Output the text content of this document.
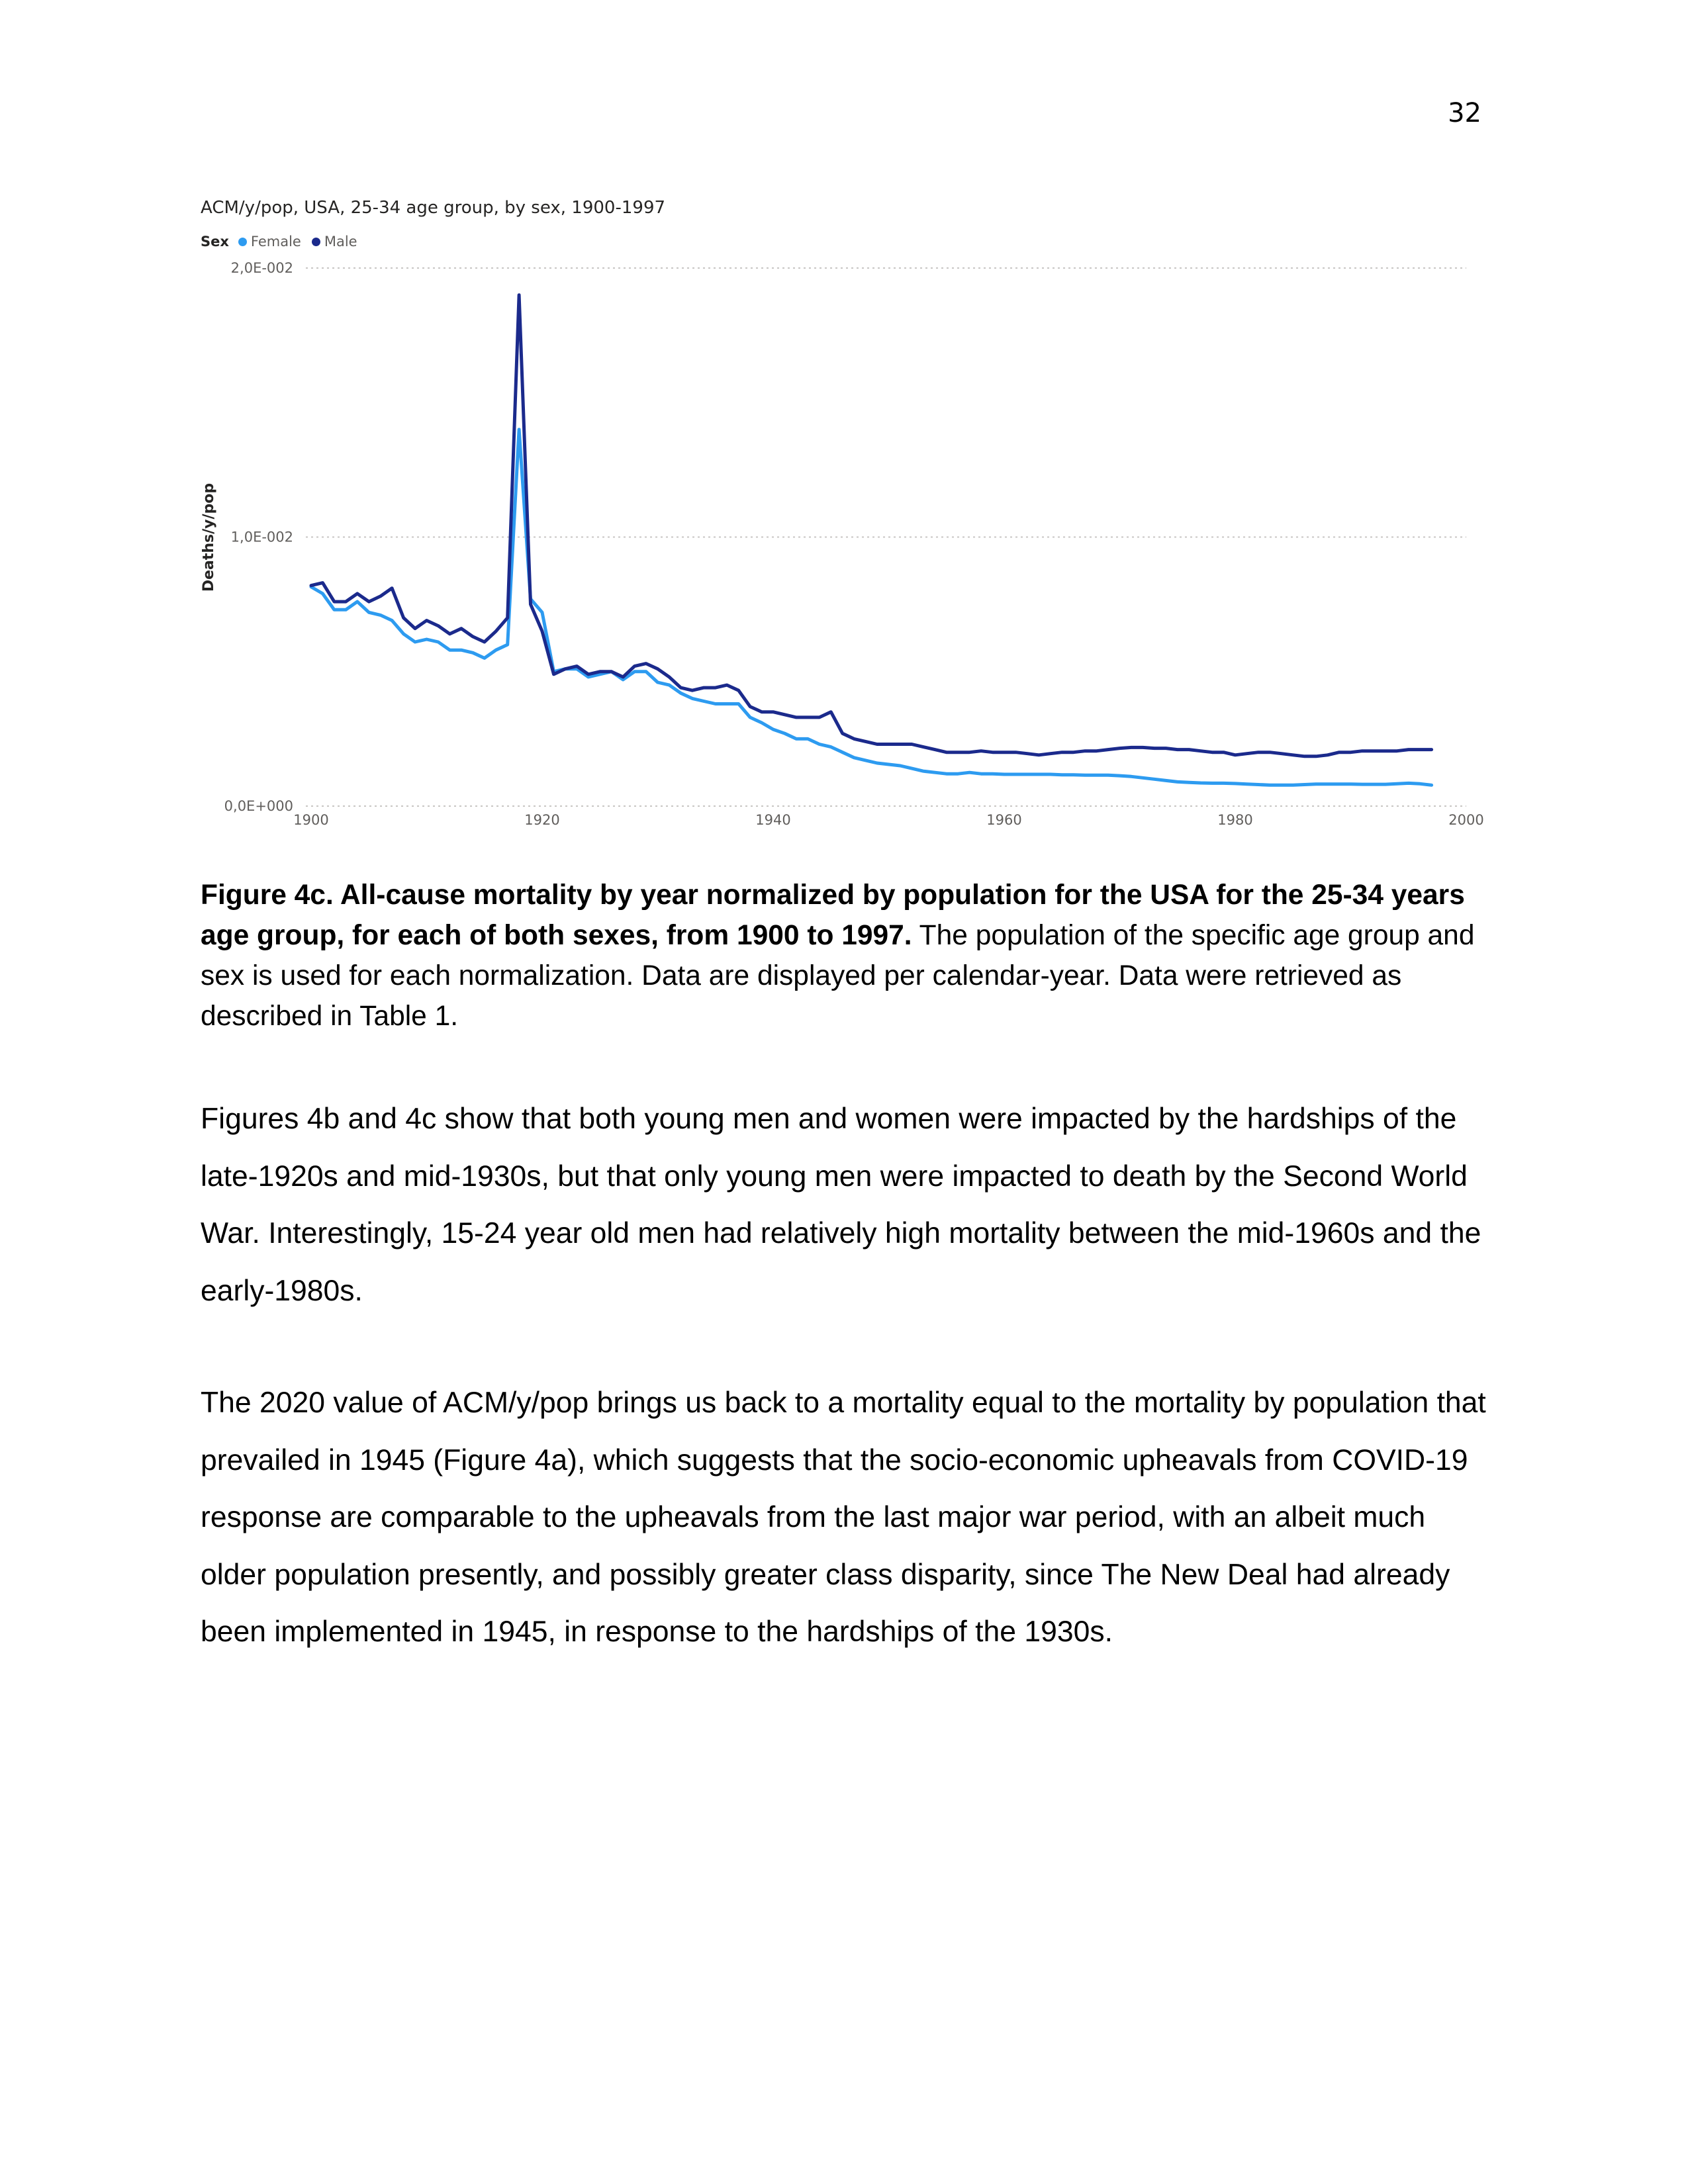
32
ACM/y/pop, USA, 25-34 age group, by sex, 1900-1997
Sex Female Male
0,0E+000
1,0E-002
2,0E-002
1900	1920	1940	1960	1980	2000
Deaths/y/pop
Figure 4c. All-cause mortality by year normalized by population for the USA for the 25-34 years age group, for each of both sexes, from 1900 to 1997. The population of the specific age group and sex is used for each normalization. Data are displayed per calendar-year. Data were retrieved as described in Table 1.
Figures 4b and 4c show that both young men and women were impacted by the hardships of the late-1920s and mid-1930s, but that only young men were impacted to death by the Second World War. Interestingly, 15-24 year old men had relatively high mortality between the mid-1960s and the early-1980s.
The 2020 value of ACM/y/pop brings us back to a mortality equal to the mortality by population that prevailed in 1945 (Figure 4a), which suggests that the socio-economic upheavals from COVID-19 response are comparable to the upheavals from the last major war period, with an albeit much older population presently, and possibly greater class disparity, since The New Deal had already been implemented in 1945, in response to the hardships of the 1930s.
